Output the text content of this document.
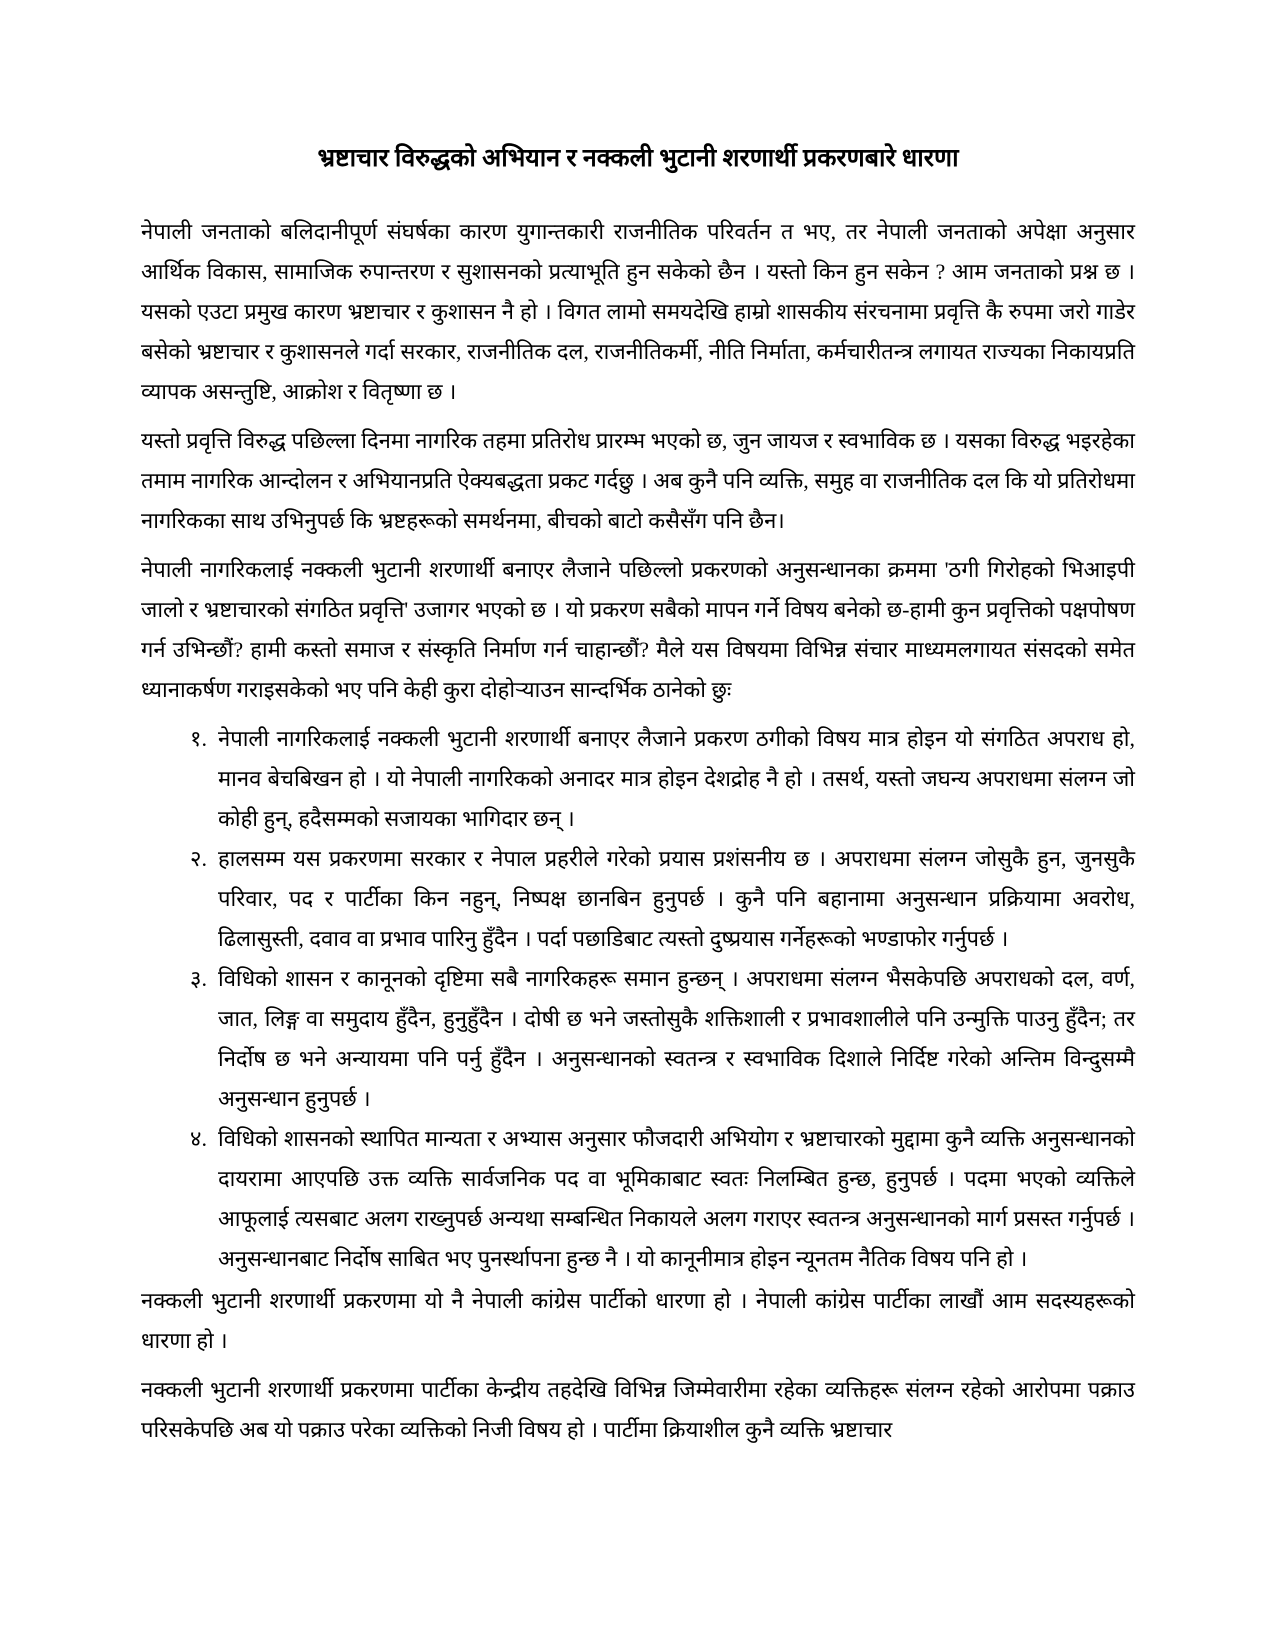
भ्रष्टाचार विरुद्धको अभियान र नक्कली भुटानी शरणार्थी प्रकरणबारे धारणा

नेपाली जनताको बलिदानीपूर्ण संघर्षका कारण युगान्तकारी राजनीतिक परिवर्तन त भए, तर नेपाली जनताको अपेक्षा अनुसार आर्थिक विकास, सामाजिक रुपान्तरण र सुशासनको प्रत्याभूति हुन सकेको छैन । यस्तो किन हुन सकेन ? आम जनताको प्रश्न छ । यसको एउटा प्रमुख कारण भ्रष्टाचार र कुशासन नै हो । विगत लामो समयदेखि हाम्रो शासकीय संरचनामा प्रवृत्ति कै रुपमा जरो गाडेर बसेको भ्रष्टाचार र कुशासनले गर्दा सरकार, राजनीतिक दल, राजनीतिकर्मी, नीति निर्माता, कर्मचारीतन्त्र लगायत राज्यका निकायप्रति व्यापक असन्तुष्टि, आक्रोश र वितृष्णा छ ।

यस्तो प्रवृत्ति विरुद्ध पछिल्ला दिनमा नागरिक तहमा प्रतिरोध प्रारम्भ भएको छ, जुन जायज र स्वभाविक छ । यसका विरुद्ध भइरहेका तमाम नागरिक आन्दोलन र अभियानप्रति ऐक्यबद्धता प्रकट गर्दछु । अब कुनै पनि व्यक्ति, समुह वा राजनीतिक दल कि यो प्रतिरोधमा नागरिकका साथ उभिनुपर्छ कि भ्रष्टहरूको समर्थनमा, बीचको बाटो कसैसँग पनि छैन।

नेपाली नागरिकलाई नक्कली भुटानी शरणार्थी बनाएर लैजाने पछिल्लो प्रकरणको अनुसन्धानका क्रममा 'ठगी गिरोहको भिआइपी जालो र भ्रष्टाचारको संगठित प्रवृत्ति' उजागर भएको छ । यो प्रकरण सबैको मापन गर्ने विषय बनेको छ-हामी कुन प्रवृत्तिको पक्षपोषण गर्न उभिन्छौं? हामी कस्तो समाज र संस्कृति निर्माण गर्न चाहान्छौं? मैले यस विषयमा विभिन्न संचार माध्यमलगायत संसदको समेत ध्यानाकर्षण गराइसकेको भए पनि केही कुरा दोहोऱ्याउन सान्दर्भिक ठानेको छुः

१. नेपाली नागरिकलाई नक्कली भुटानी शरणार्थी बनाएर लैजाने प्रकरण ठगीको विषय मात्र होइन यो संगठित अपराध हो, मानव बेचबिखन हो । यो नेपाली नागरिकको अनादर मात्र होइन देशद्रोह नै हो । तसर्थ, यस्तो जघन्य अपराधमा संलग्न जो कोही हुन्, हदैसम्मको सजायका भागिदार छन् ।
२. हालसम्म यस प्रकरणमा सरकार र नेपाल प्रहरीले गरेको प्रयास प्रशंसनीय छ । अपराधमा संलग्न जोसुकै हुन, जुनसुकै परिवार, पद र पार्टीका किन नहुन्, निष्पक्ष छानबिन हुनुपर्छ । कुनै पनि बहानामा अनुसन्धान प्रक्रियामा अवरोध, ढिलासुस्ती, दवाव वा प्रभाव पारिनु हुँदैन । पर्दा पछाडिबाट त्यस्तो दुष्प्रयास गर्नेहरूको भण्डाफोर गर्नुपर्छ ।
३. विधिको शासन र कानूनको दृष्टिमा सबै नागरिकहरू समान हुन्छन् । अपराधमा संलग्न भैसकेपछि अपराधको दल, वर्ण, जात, लिङ्ग वा समुदाय हुँदैन, हुनुहुँदैन । दोषी छ भने जस्तोसुकै शक्तिशाली र प्रभावशालीले पनि उन्मुक्ति पाउनु हुँदैन; तर निर्दोष छ भने अन्यायमा पनि पर्नु हुँदैन । अनुसन्धानको स्वतन्त्र र स्वभाविक दिशाले निर्दिष्ट गरेको अन्तिम विन्दुसम्मै अनुसन्धान हुनुपर्छ ।
४. विधिको शासनको स्थापित मान्यता र अभ्यास अनुसार फौजदारी अभियोग र भ्रष्टाचारको मुद्दामा कुनै व्यक्ति अनुसन्धानको दायरामा आएपछि उक्त व्यक्ति सार्वजनिक पद वा भूमिकाबाट स्वतः निलम्बित हुन्छ, हुनुपर्छ । पदमा भएको व्यक्तिले आफूलाई त्यसबाट अलग राख्नुपर्छ अन्यथा सम्बन्धित निकायले अलग गराएर स्वतन्त्र अनुसन्धानको मार्ग प्रसस्त गर्नुपर्छ । अनुसन्धानबाट निर्दोष साबित भए पुनर्स्थापना हुन्छ नै । यो कानूनीमात्र होइन न्यूनतम नैतिक विषय पनि हो ।

नक्कली भुटानी शरणार्थी प्रकरणमा यो नै नेपाली कांग्रेस पार्टीको धारणा हो । नेपाली कांग्रेस पार्टीका लाखौं आम सदस्यहरूको धारणा हो ।

नक्कली भुटानी शरणार्थी प्रकरणमा पार्टीका केन्द्रीय तहदेखि विभिन्न जिम्मेवारीमा रहेका व्यक्तिहरू संलग्न रहेको आरोपमा पक्राउ परिसकेपछि अब यो पक्राउ परेका व्यक्तिको निजी विषय हो । पार्टीमा क्रियाशील कुनै व्यक्ति भ्रष्टाचार
